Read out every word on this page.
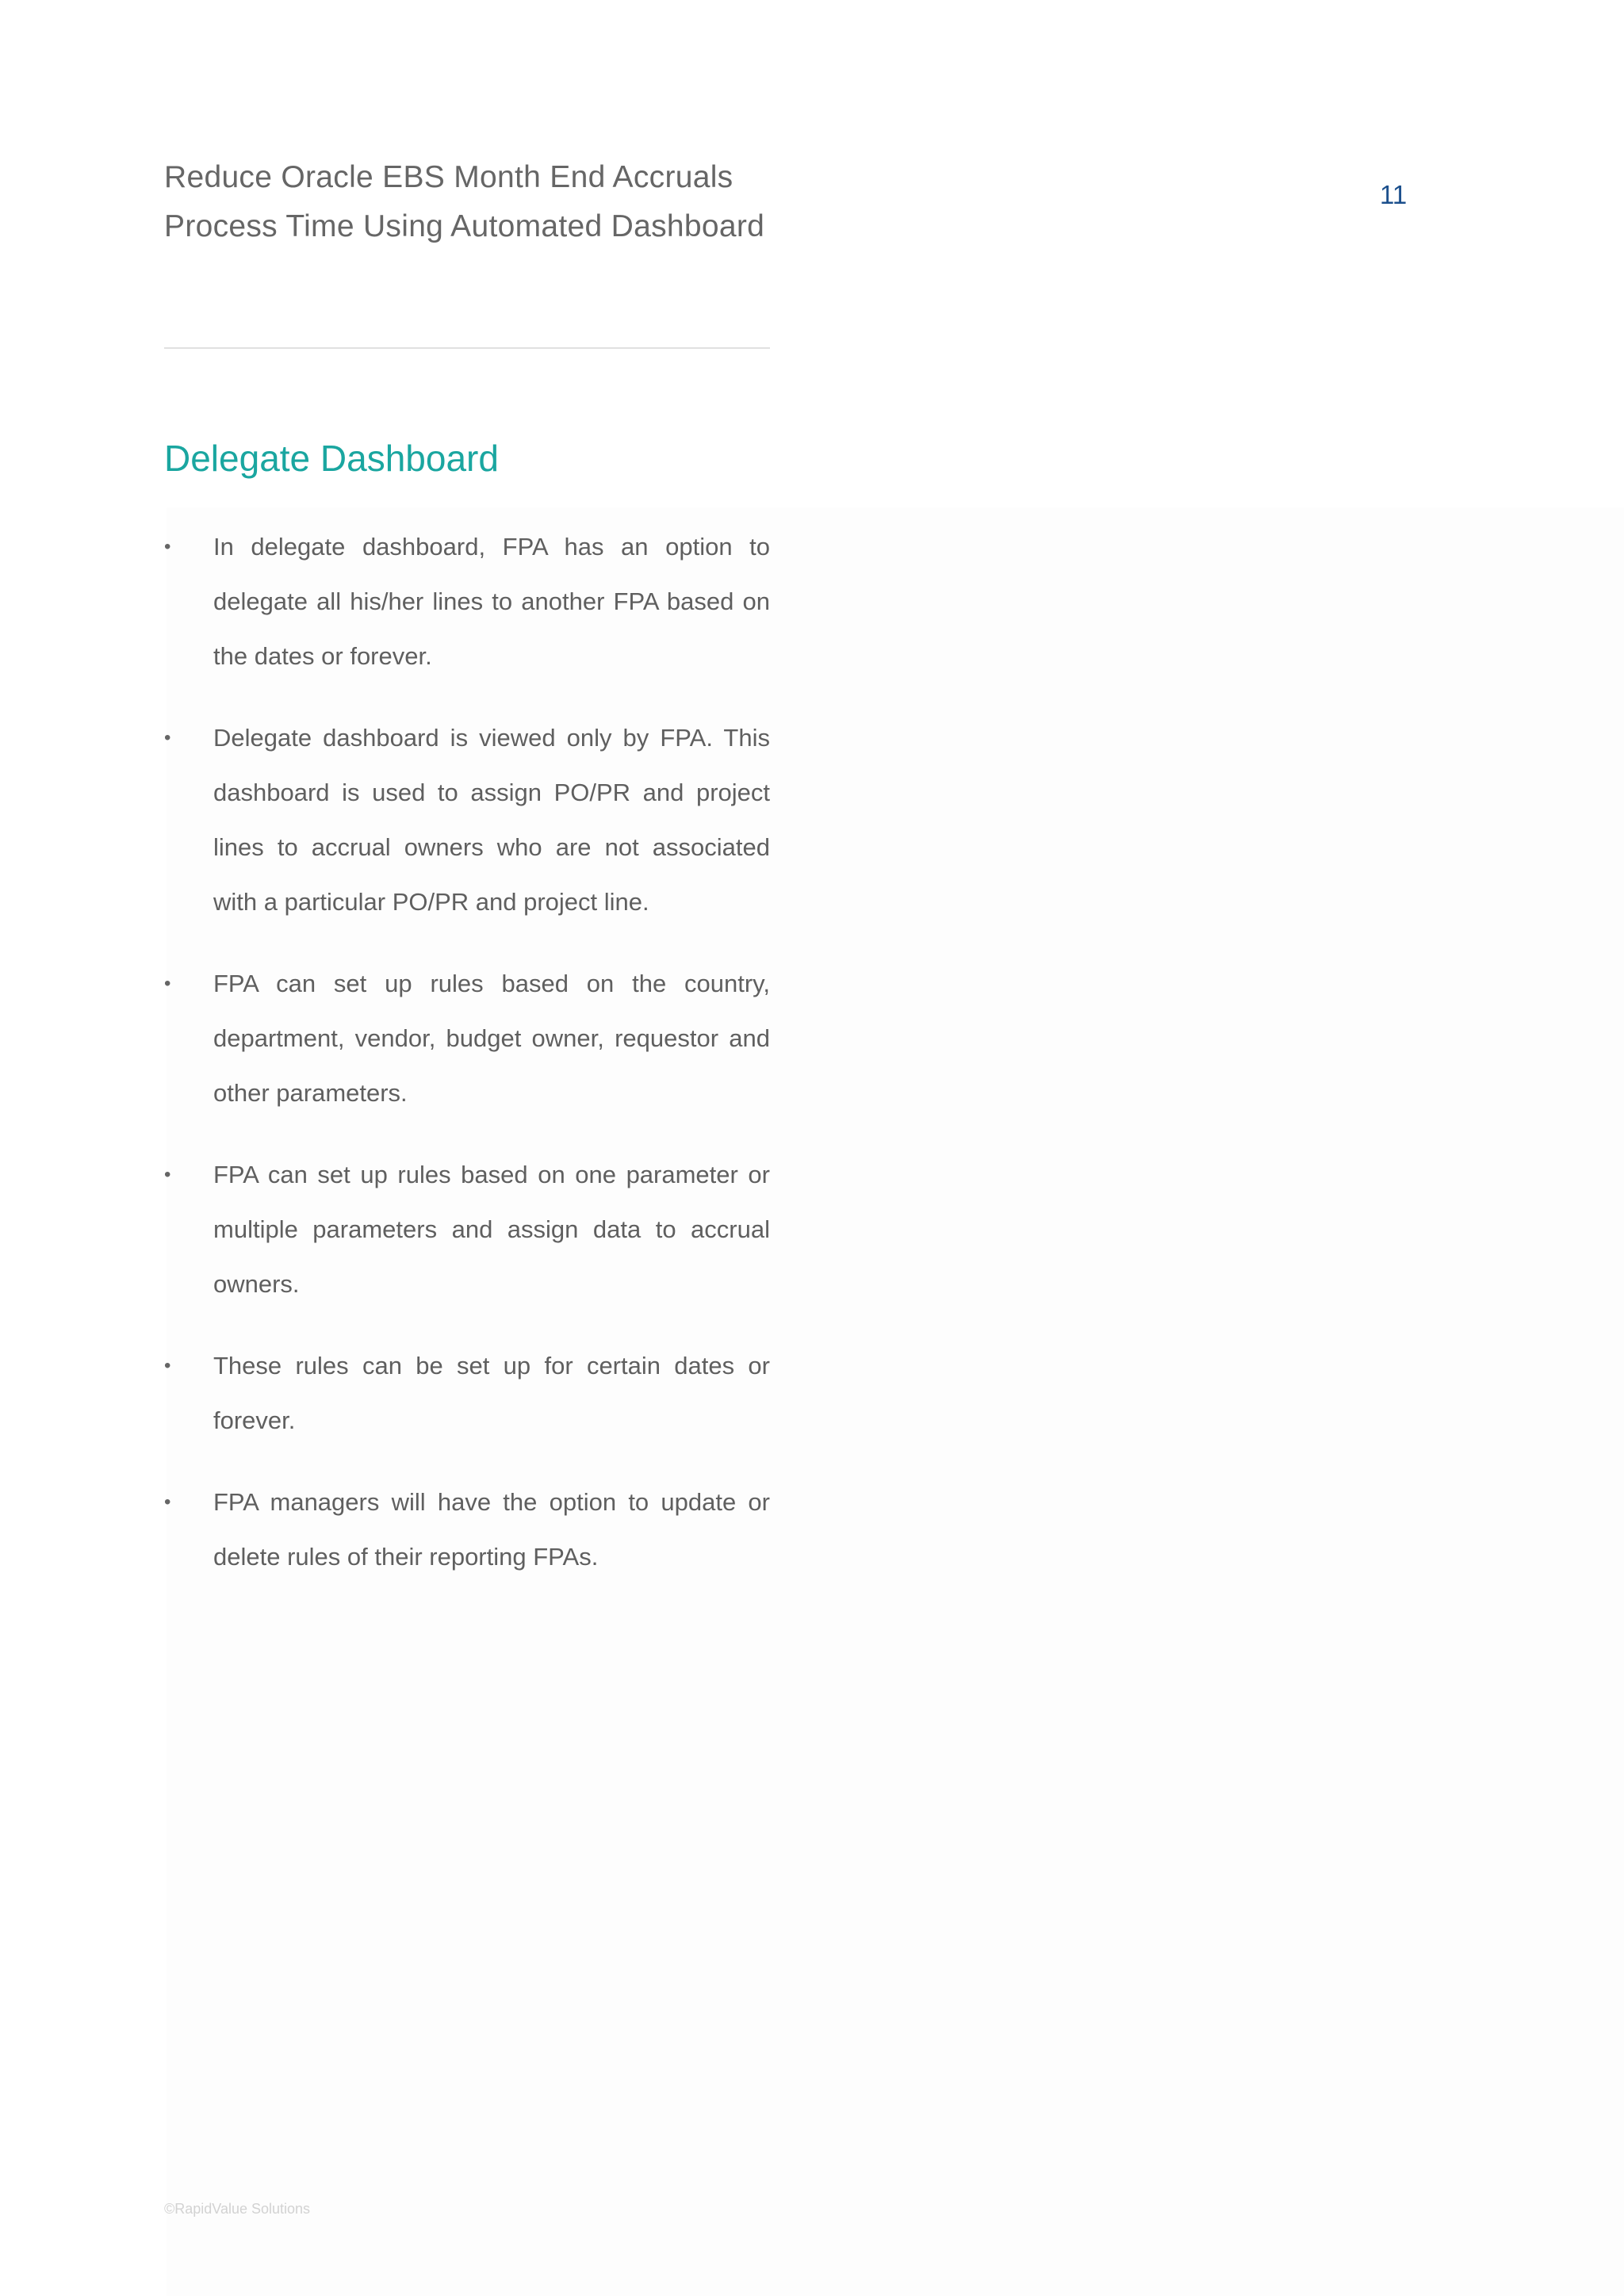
Reduce Oracle EBS Month End Accruals
Process Time Using Automated Dashboard
11
Delegate Dashboard
• In delegate dashboard, FPA has an option to delegate all his/her lines to another FPA based on the dates or forever.
• Delegate dashboard is viewed only by FPA. This dashboard is used to assign PO/PR and project lines to accrual owners who are not associated with a particular PO/PR and project line.
• FPA can set up rules based on the country, department, vendor, budget owner, requestor and other parameters.
• FPA can set up rules based on one parameter or multiple parameters and assign data to accrual owners.
• These rules can be set up for certain dates or forever.
• FPA managers will have the option to update or delete rules of their reporting FPAs.
©RapidValue Solutions
